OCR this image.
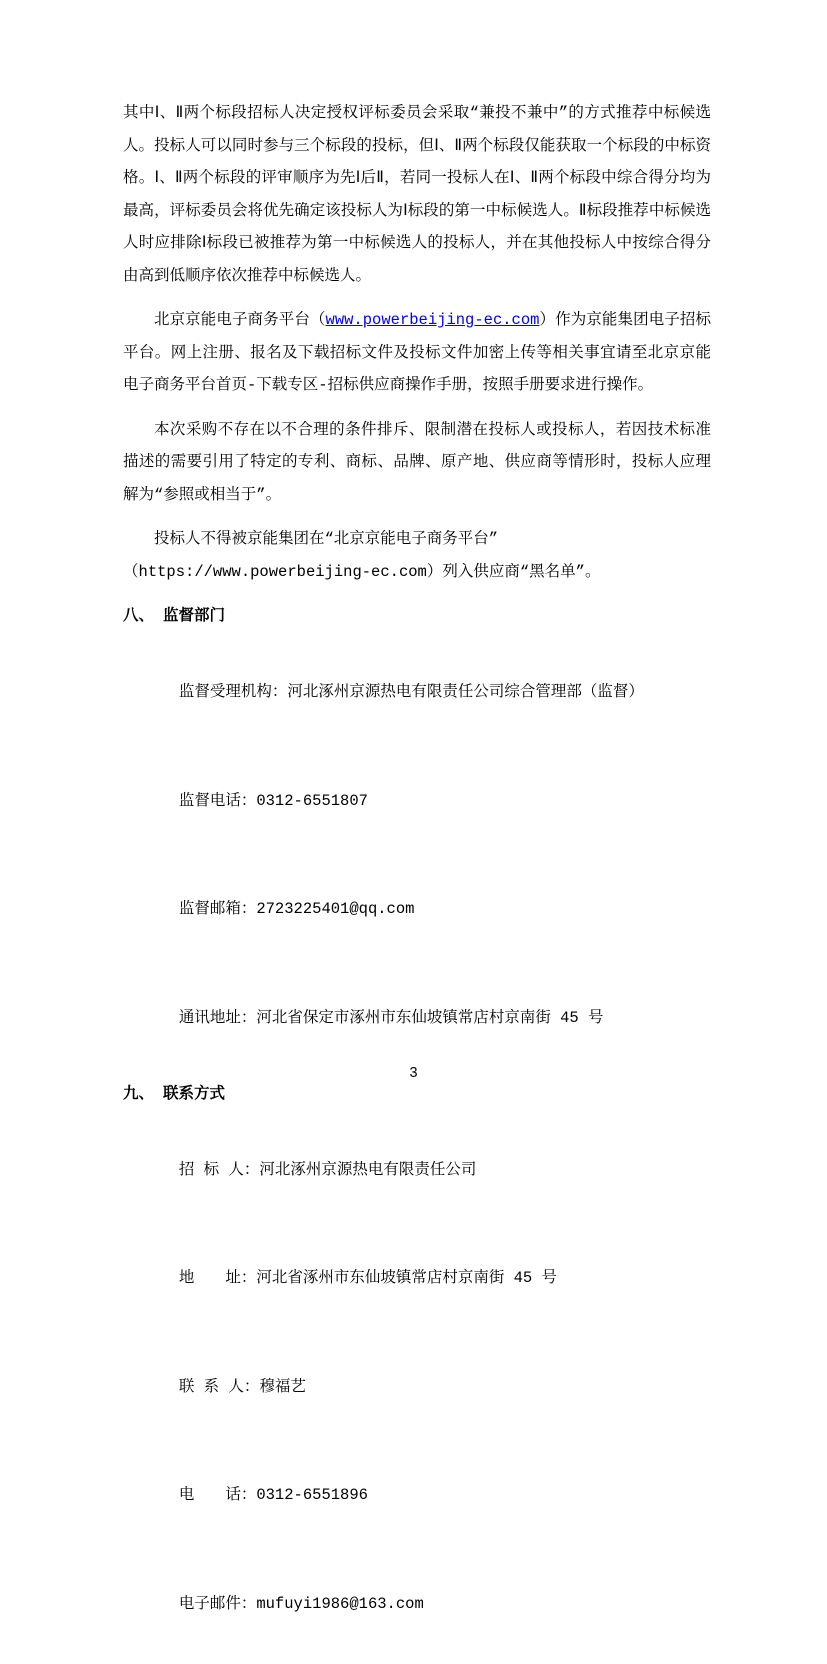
其中Ⅰ、Ⅱ两个标段招标人决定授权评标委员会采取“兼投不兼中”的方式推荐中标候选人。投标人可以同时参与三个标段的投标，但Ⅰ、Ⅱ两个标段仅能获取一个标段的中标资格。Ⅰ、Ⅱ两个标段的评审顺序为先Ⅰ后Ⅱ，若同一投标人在Ⅰ、Ⅱ两个标段中综合得分均为最高，评标委员会将优先确定该投标人为Ⅰ标段的第一中标候选人。Ⅱ标段推荐中标候选人时应排除Ⅰ标段已被推荐为第一中标候选人的投标人，并在其他投标人中按综合得分由高到低顺序依次推荐中标候选人。

北京京能电子商务平台（www.powerbeijing-ec.com）作为京能集团电子招标平台。网上注册、报名及下载招标文件及投标文件加密上传等相关事宜请至北京京能电子商务平台首页-下载专区-招标供应商操作手册，按照手册要求进行操作。

本次采购不存在以不合理的条件排斥、限制潜在投标人或投标人，若因技术标准描述的需要引用了特定的专利、商标、品牌、原产地、供应商等情形时，投标人应理解为“参照或相当于”。

投标人不得被京能集团在“北京京能电子商务平台”
（https://www.powerbeijing-ec.com）列入供应商“黑名单”。
八、 监督部门

监督受理机构：河北涿州京源热电有限责任公司综合管理部（监督）

监督电话：0312-6551807

监督邮箱：2723225401@qq.com

通讯地址：河北省保定市涿州市东仙坡镇常店村京南街 45 号

九、 联系方式

招 标 人：河北涿州京源热电有限责任公司

地　　址：河北省涿州市东仙坡镇常店村京南街 45 号

联 系 人：穆福艺

电　　话：0312-6551896

电子邮件：mufuyi1986@163.com

3
